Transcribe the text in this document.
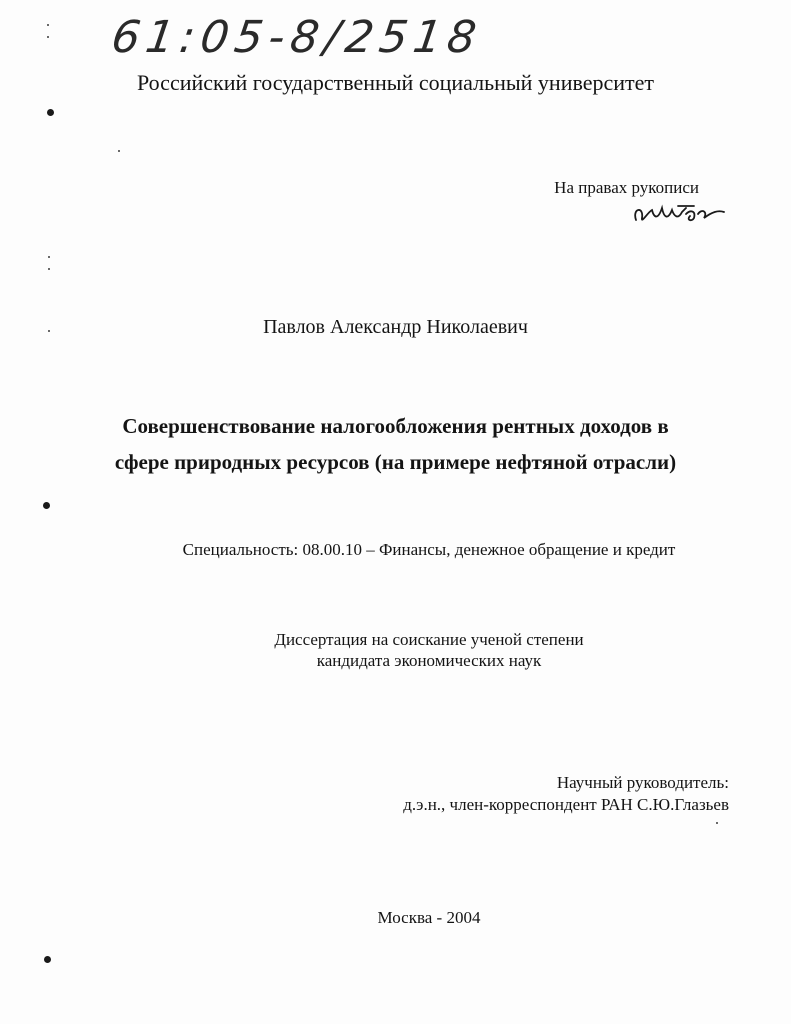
61:05-8/2518

Российский государственный социальный университет

На правах рукописи

Павлов Александр Николаевич

Совершенствование налогообложения рентных доходов в
сфере природных ресурсов (на примере нефтяной отрасли)

Специальность: 08.00.10 – Финансы, денежное обращение и кредит

Диссертация на соискание ученой степени
кандидата экономических наук
Научный руководитель:
д.э.н., член-корреспондент РАН С.Ю.Глазьев

Москва - 2004
